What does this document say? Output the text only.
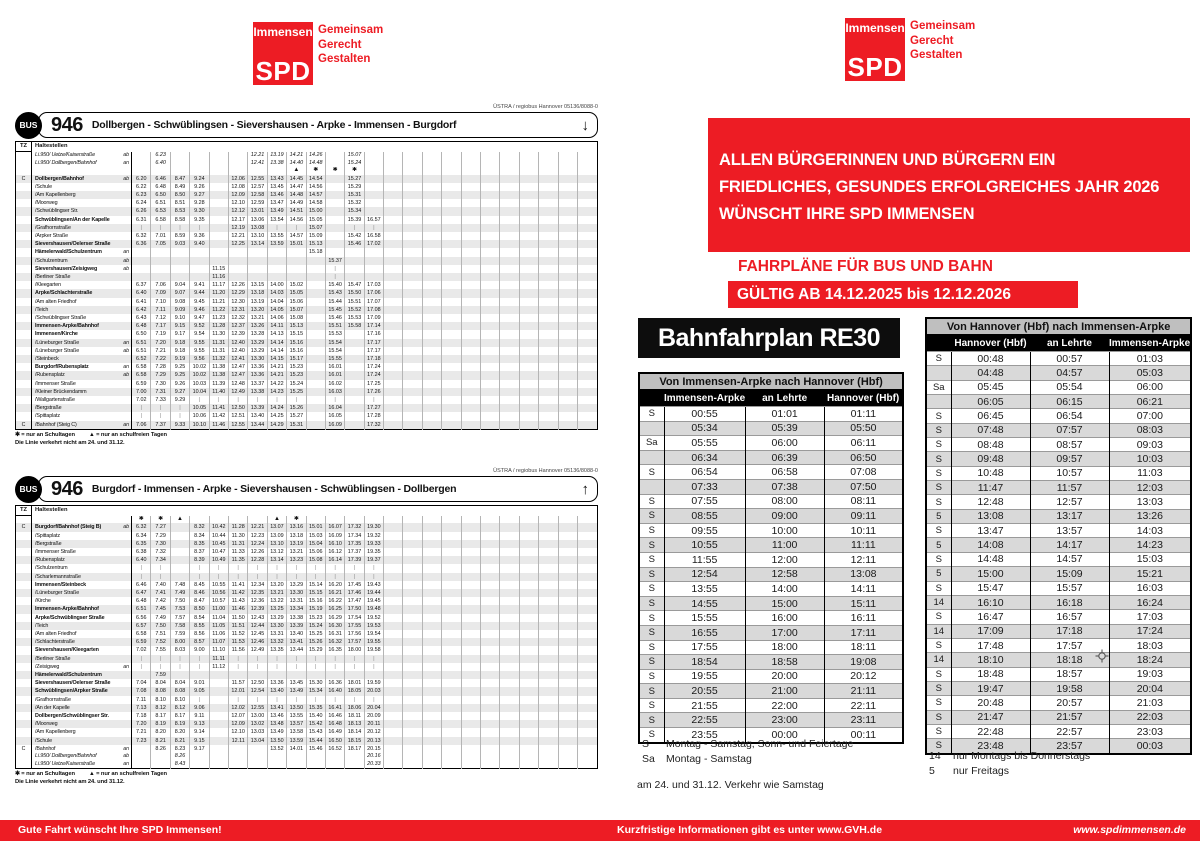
Immensen
SPD
Gemeinsam
Gerecht
Gestalten
Immensen
SPD
Gemeinsam
Gerecht
Gestalten
ÜSTRA / regiobus Hannover 05136/8088-0
BUS 946 Dollbergen - Schwüblingsen - Sievershausen - Arpke - Immensen - Burgdorf	↓
TZ	Haltestellen		Montag - Freitag																							
	Li.950/ Uetze/Kaiserstraße	ab		6.23					12.21	13.19	14.21	14.26		15.07												
	Li.950/ Dollbergen/Bahnhof	an		6.40					12.41	13.38	14.40	14.48		15.24												
											▲	✱	✱	✱												
C	Dollbergen/Bahnhof	ab	6.20	6.46	8.47	9.24		12.06	12.55	13.43	14.45	14.54		15.27												
	/Schule		6.22	6.48	8.49	9.26		12.08	12.57	13.45	14.47	14.56		15.29												
	/Am Kapellenberg		6.23	6.50	8.50	9.27		12.09	12.58	13.46	14.48	14.57		15.31												
	/Moorweg		6.24	6.51	8.51	9.28		12.10	12.59	13.47	14.49	14.58		15.32												
	/Schwüblingser Str.		6.26	6.53	8.53	9.30		12.12	13.01	13.49	14.51	15.00		15.34												
	Schwüblingsen/An der Kapelle		6.31	6.58	8.58	9.35		12.17	13.06	13.54	14.56	15.05		15.39	16.57											
	/Grafhornstraße		|	|	|	|		12.19	13.08	|	|	15.07		|	|											
	/Arpker Straße		6.32	7.01	8.59	9.36		12.21	13.10	13.55	14.57	15.09		15.42	16.58											
	Sievershausen/Oelerser Straße		6.36	7.05	9.03	9.40		12.25	13.14	13.59	15.01	15.13		15.46	17.02											
	Hämelerwald/Schulzentrum	an										15.18														
	/Schulzentrum	ab											15.37													
	Sievershausen/Zeisigweg	ab					11.15						|													
	/Berliner Straße						11.16						|													
	/Kleegarten		6.37	7.06	9.04	9.41	11.17	12.26	13.15	14.00	15.02		15.40	15.47	17.03											
	Arpke/Schlachterstraße		6.40	7.09	9.07	9.44	11.20	12.29	13.18	14.03	15.05		15.43	15.50	17.06											
	/Am alten Friedhof		6.41	7.10	9.08	9.45	11.21	12.30	13.19	14.04	15.06		15.44	15.51	17.07											
	/Teich		6.42	7.11	9.09	9.46	11.22	12.31	13.20	14.05	15.07		15.45	15.52	17.08											
	/Schwüblingser Straße		6.43	7.12	9.10	9.47	11.23	12.32	13.21	14.06	15.08		15.46	15.53	17.09											
	Immensen-Arpke/Bahnhof		6.48	7.17	9.15	9.52	11.28	12.37	13.26	14.11	15.13		15.51	15.58	17.14											
	Immensen/Kirche		6.50	7.19	9.17	9.54	11.30	12.39	13.28	14.13	15.15		15.53		17.16											
	/Lüneburger Straße	an	6.51	7.20	9.18	9.55	11.31	12.40	13.29	14.14	15.16		15.54		17.17											
	/Lüneburger Straße	ab	6.51	7.21	9.18	9.55	11.31	12.40	13.29	14.14	15.16		15.54		17.17											
	/Steinbeck		6.52	7.22	9.19	9.56	11.32	12.41	13.30	14.15	15.17		15.55		17.18											
	Burgdorf/Rubensplatz	an	6.58	7.28	9.25	10.02	11.38	12.47	13.36	14.21	15.23		16.01		17.24											
	/Rubensplatz	ab	6.58	7.29	9.25	10.02	11.38	12.47	13.36	14.21	15.23		16.01		17.24											
	/Immenser Straße		6.59	7.30	9.26	10.03	11.39	12.48	13.37	14.22	15.24		16.02		17.25											
	/Kleiner Brückendamm		7.00	7.31	9.27	10.04	11.40	12.49	13.38	14.23	15.25		16.03		17.26											
	/Wallgartenstraße		7.02	7.33	9.29	|	|	|	|	|	|		|		|											
	/Bergstraße		|	|	|	10.05	11.41	12.50	13.39	14.24	15.26		16.04		17.27											
	/Spittaplatz		|	|	|	10.06	11.42	12.51	13.40	14.25	15.27		16.05		17.28											
C	/Bahnhof (Steig C)	an	7.06	7.37	9.33	10.10	11.46	12.55	13.44	14.29	15.31		16.09		17.32											
✱ = nur an Schultagen ▲ = nur an schulfreien Tagen
Die Linie verkehrt nicht am 24. und 31.12.
ÜSTRA / regiobus Hannover 05136/8088-0
BUS 946 Burgdorf - Immensen - Arpke - Sievershausen - Schwüblingsen - Dollbergen	↑
TZ	Haltestellen		Montag - Freitag																							
			✱	✱	▲					▲	✱															
C	Burgdorf/Bahnhof (Steig B)	ab	6.32	7.27		8.32	10.42	11.28	12.21	13.07	13.16	15.01	16.07	17.32	19.30											
	/Spittaplatz		6.34	7.29		8.34	10.44	11.30	12.23	13.09	13.18	15.03	16.09	17.34	19.32											
	/Bergstraße		6.35	7.30		8.35	10.45	11.31	12.24	13.10	13.19	15.04	16.10	17.35	19.33											
	/Immenser Straße		6.38	7.32		8.37	10.47	11.33	12.26	13.12	13.21	15.06	16.12	17.37	19.35											
	/Rubensplatz		6.40	7.34		8.39	10.49	11.35	12.28	13.14	13.23	15.08	16.14	17.39	19.37											
	/Schulzentrum		|	|		|	|	|	|	|	|	|	|	|	|											
	/Scharlemannstraße		|	|		|	|	|	|	|	|	|	|	|	|											
	Immensen/Steinbeck		6.46	7.40	7.48	8.45	10.55	11.41	12.34	13.20	13.29	15.14	16.20	17.45	19.43											
	/Lüneburger Straße		6.47	7.41	7.49	8.46	10.56	11.42	12.35	13.21	13.30	15.15	16.21	17.46	19.44											
	/Kirche		6.48	7.42	7.50	8.47	10.57	11.43	12.36	13.22	13.31	15.16	16.22	17.47	19.45											
	Immensen-Arpke/Bahnhof		6.51	7.45	7.53	8.50	11.00	11.46	12.39	13.25	13.34	15.19	16.25	17.50	19.48											
	Arpke/Schwüblingser Straße		6.56	7.49	7.57	8.54	11.04	11.50	12.43	13.29	13.38	15.23	16.29	17.54	19.52											
	/Teich		6.57	7.50	7.58	8.55	11.05	11.51	12.44	13.30	13.39	15.24	16.30	17.55	19.53											
	/Am alten Friedhof		6.58	7.51	7.59	8.56	11.06	11.52	12.45	13.31	13.40	15.25	16.31	17.56	19.54											
	/Schlachterstraße		6.59	7.52	8.00	8.57	11.07	11.53	12.46	13.32	13.41	15.26	16.32	17.57	19.55											
	Sievershausen/Kleegarten		7.02	7.55	8.03	9.00	11.10	11.56	12.49	13.35	13.44	15.29	16.35	18.00	19.58											
	/Berliner Straße		|	|	|	|	11.11	|	|	|	|	|	|	|	|											
	/Zeisigweg	an	|	|	|	|	11.12	|	|	|	|	|	|	|	|											
	Hämelerwald/Schulzentrum			7.59																						
	Sievershausen/Oelerser Straße		7.04	8.04	8.04	9.01		11.57	12.50	13.36	13.45	15.30	16.36	18.01	19.59											
	Schwüblingsen/Arpker Straße		7.08	8.08	8.08	9.05		12.01	12.54	13.40	13.49	15.34	16.40	18.05	20.03											
	/Grafhornstraße		7.11	8.10	8.10	|		|	|	|	|	|	|	|	|											
	/An der Kapelle		7.13	8.12	8.12	9.06		12.02	12.55	13.41	13.50	15.35	16.41	18.06	20.04											
	Dollbergen/Schwüblingser Str.		7.18	8.17	8.17	9.11		12.07	13.00	13.46	13.55	15.40	16.46	18.11	20.09											
	/Moorweg		7.20	8.19	8.19	9.13		12.09	13.02	13.48	13.57	15.42	16.48	18.13	20.11											
	/Am Kapellenberg		7.21	8.20	8.20	9.14		12.10	13.03	13.49	13.58	15.43	16.49	18.14	20.12											
	/Schule		7.23	8.21	8.21	9.15		12.11	13.04	13.50	13.59	15.44	16.50	18.15	20.13											
C	/Bahnhof	an		8.26	8.23	9.17				13.52	14.01	15.46	16.52	18.17	20.15											
	Li.950/ Dollbergen/Bahnhof	ab			8.26										20.16											
	Li.950/ Uetze/Kaiserstraße	an			8.43										20.33											
✱ = nur an Schultagen ▲ = nur an schulfreien Tagen
Die Linie verkehrt nicht am 24. und 31.12.
ALLEN BÜRGERINNEN UND BÜRGERN EIN
FRIEDLICHES, GESUNDES ERFOLGREICHES JAHR 2026
WÜNSCHT IHRE SPD IMMENSEN
FAHRPLÄNE FÜR BUS UND BAHN
GÜLTIG AB 14.12.2025 bis 12.12.2026
Bahnfahrplan RE30
Von Immensen-Arpke nach Hannover (Hbf)			
	Immensen-Arpke	an Lehrte	Hannover (Hbf)
S	00:55	01:01	01:11
	05:34	05:39	05:50
Sa	05:55	06:00	06:11
	06:34	06:39	06:50
S	06:54	06:58	07:08
	07:33	07:38	07:50
S	07:55	08:00	08:11
S	08:55	09:00	09:11
S	09:55	10:00	10:11
S	10:55	11:00	11:11
S	11:55	12:00	12:11
S	12:54	12:58	13:08
S	13:55	14:00	14:11
S	14:55	15:00	15:11
S	15:55	16:00	16:11
S	16:55	17:00	17:11
S	17:55	18:00	18:11
S	18:54	18:58	19:08
S	19:55	20:00	20:12
S	20:55	21:00	21:11
S	21:55	22:00	22:11
S	22:55	23:00	23:11
S	23:55	00:00	00:11
Von Hannover (Hbf) nach Immensen-Arpke			
	Hannover (Hbf)	an Lehrte	Immensen-Arpke
S	00:48	00:57	01:03
	04:48	04:57	05:03
Sa	05:45	05:54	06:00
	06:05	06:15	06:21
S	06:45	06:54	07:00
S	07:48	07:57	08:03
S	08:48	08:57	09:03
S	09:48	09:57	10:03
S	10:48	10:57	11:03
S	11:47	11:57	12:03
S	12:48	12:57	13:03
5	13:08	13:17	13:26
S	13:47	13:57	14:03
5	14:08	14:17	14:23
S	14:48	14:57	15:03
5	15:00	15:09	15:21
S	15:47	15:57	16:03
14	16:10	16:18	16:24
S	16:47	16:57	17:03
14	17:09	17:18	17:24
S	17:48	17:57	18:03
14	18:10	18:18	18:24
S	18:48	18:57	19:03
S	19:47	19:58	20:04
S	20:48	20:57	21:03
S	21:47	21:57	22:03
S	22:48	22:57	23:03
S	23:48	23:57	00:03
S Montag - Samstag, Sonn- und Feiertage
Sa Montag - Samstag
am 24. und 31.12. Verkehr wie Samstag
14 nur Montags bis Donnerstags
5 nur Freitags
Gute Fahrt wünscht Ihre SPD Immensen!	Kurzfristige Informationen gibt es unter www.GVH.de	www.spdimmensen.de
